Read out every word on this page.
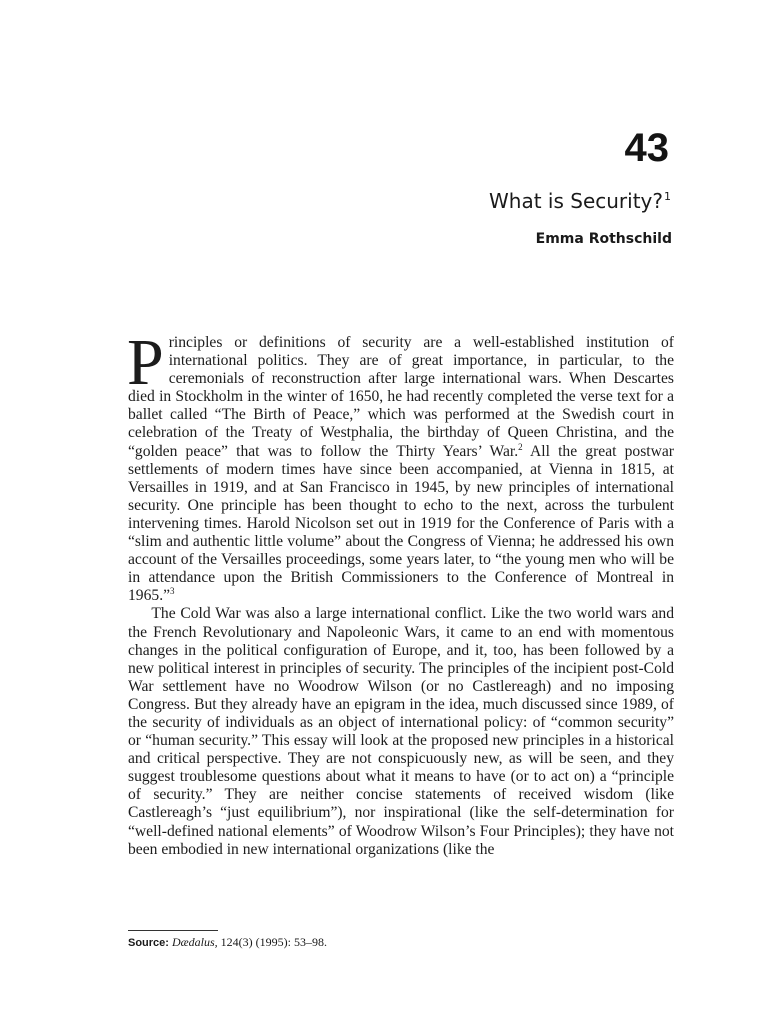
43
What is Security?$^1$

Emma Rothschild

Principles or definitions of security are a well-established institution of international politics. They are of great importance, in particular, to the ceremonials of reconstruction after large international wars. When Descartes died in Stockholm in the winter of 1650, he had recently completed the verse text for a ballet called “The Birth of Peace,” which was performed at the Swedish court in celebration of the Treaty of Westphalia, the birthday of Queen Christina, and the “golden peace” that was to follow the Thirty Years’ War.$^2$ All the great postwar settlements of modern times have since been accompanied, at Vienna in 1815, at Versailles in 1919, and at San Francisco in 1945, by new principles of international security. One principle has been thought to echo to the next, across the turbulent intervening times. Harold Nicolson set out in 1919 for the Conference of Paris with a “slim and authentic little volume” about the Congress of Vienna; he addressed his own account of the Versailles proceedings, some years later, to “the young men who will be in attendance upon the British Commissioners to the Conference of Montreal in 1965.”$^3$

The Cold War was also a large international conflict. Like the two world wars and the French Revolutionary and Napoleonic Wars, it came to an end with momentous changes in the political configuration of Europe, and it, too, has been followed by a new political interest in principles of security. The principles of the incipient post-Cold War settlement have no Woodrow Wilson (or no Castlereagh) and no imposing Congress. But they already have an epigram in the idea, much discussed since 1989, of the security of individuals as an object of international policy: of “common security” or “human security.” This essay will look at the proposed new principles in a historical and critical perspective. They are not conspicuously new, as will be seen, and they suggest troublesome questions about what it means to have (or to act on) a “principle of security.” They are neither concise statements of received wisdom (like Castlereagh’s “just equilibrium”), nor inspirational (like the self-determination for “well-defined national elements” of Woodrow Wilson’s Four Principles); they have not been embodied in new international organizations (like the

Source: Dædalus, 124(3) (1995): 53–98.
